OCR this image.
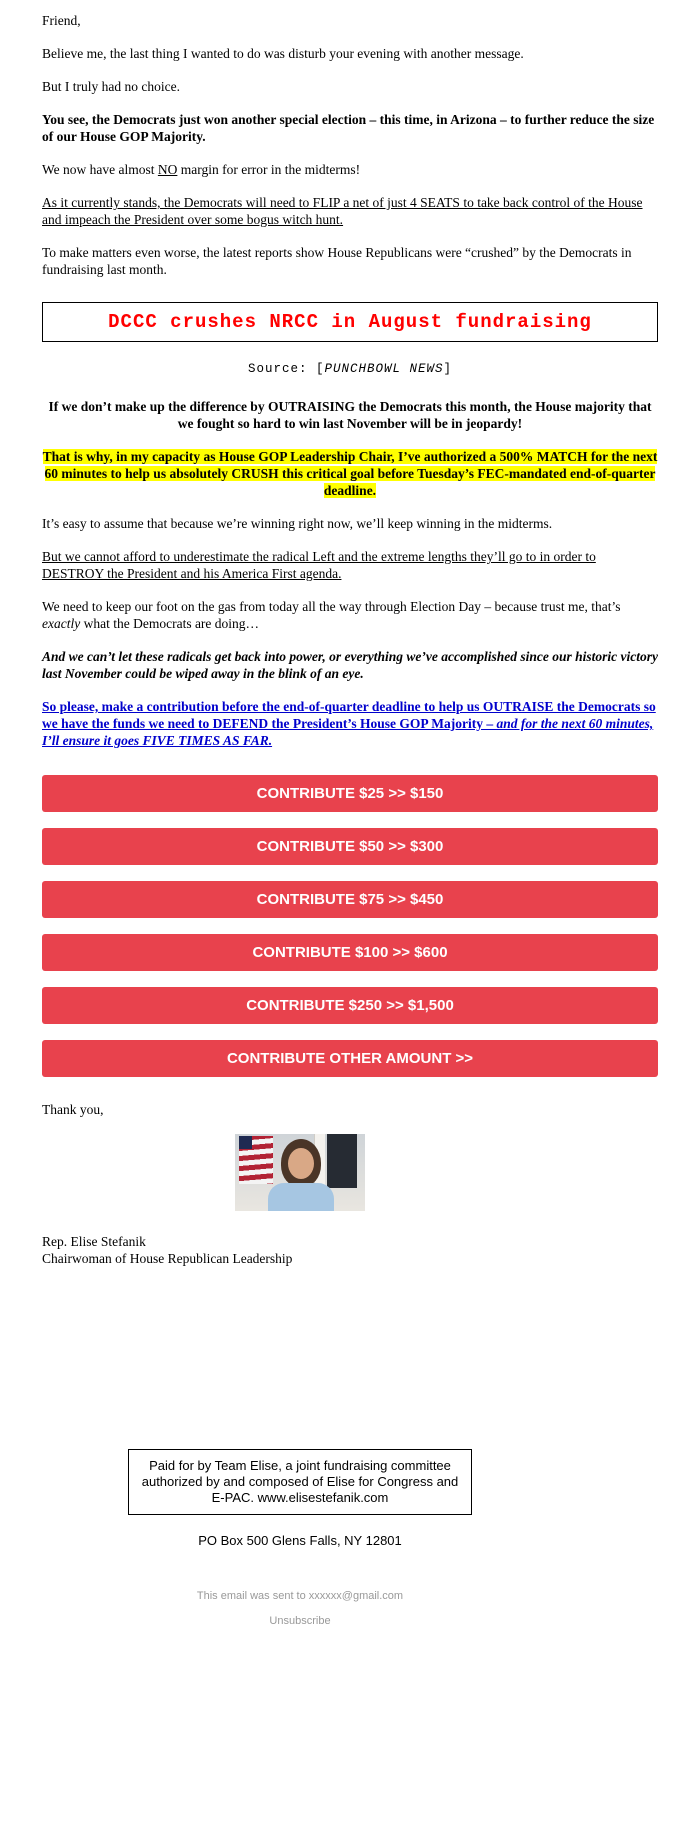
Friend,

Believe me, the last thing I wanted to do was disturb your evening with another message.

But I truly had no choice.

You see, the Democrats just won another special election – this time, in Arizona – to further reduce the size of our House GOP Majority.

We now have almost NO margin for error in the midterms!

As it currently stands, the Democrats will need to FLIP a net of just 4 SEATS to take back control of the House and impeach the President over some bogus witch hunt.

To make matters even worse, the latest reports show House Republicans were “crushed” by the Democrats in fundraising last month.

DCCC crushes NRCC in August fundraising
Source: [PUNCHBOWL NEWS]

If we don’t make up the difference by OUTRAISING the Democrats this month, the House majority that we fought so hard to win last November will be in jeopardy!

That is why, in my capacity as House GOP Leadership Chair, I’ve authorized a 500% MATCH for the next 60 minutes to help us absolutely CRUSH this critical goal before Tuesday’s FEC-mandated end-of-quarter deadline.

It’s easy to assume that because we’re winning right now, we’ll keep winning in the midterms.

But we cannot afford to underestimate the radical Left and the extreme lengths they’ll go to in order to DESTROY the President and his America First agenda.

We need to keep our foot on the gas from today all the way through Election Day – because trust me, that’s exactly what the Democrats are doing…

And we can’t let these radicals get back into power, or everything we’ve accomplished since our historic victory last November could be wiped away in the blink of an eye.

So please, make a contribution before the end-of-quarter deadline to help us OUTRAISE the Democrats so we have the funds we need to DEFEND the President’s House GOP Majority – and for the next 60 minutes, I’ll ensure it goes FIVE TIMES AS FAR.

CONTRIBUTE $25 >> $150
CONTRIBUTE $50 >> $300
CONTRIBUTE $75 >> $450
CONTRIBUTE $100 >> $600
CONTRIBUTE $250 >> $1,500
CONTRIBUTE OTHER AMOUNT >>

Thank you,

Rep. Elise Stefanik
Chairwoman of House Republican Leadership
Paid for by Team Elise, a joint fundraising committee authorized by and composed of Elise for Congress and E-PAC. www.elisestefanik.com
PO Box 500 Glens Falls, NY 12801
This email was sent to xxxxxx@gmail.com
Unsubscribe
